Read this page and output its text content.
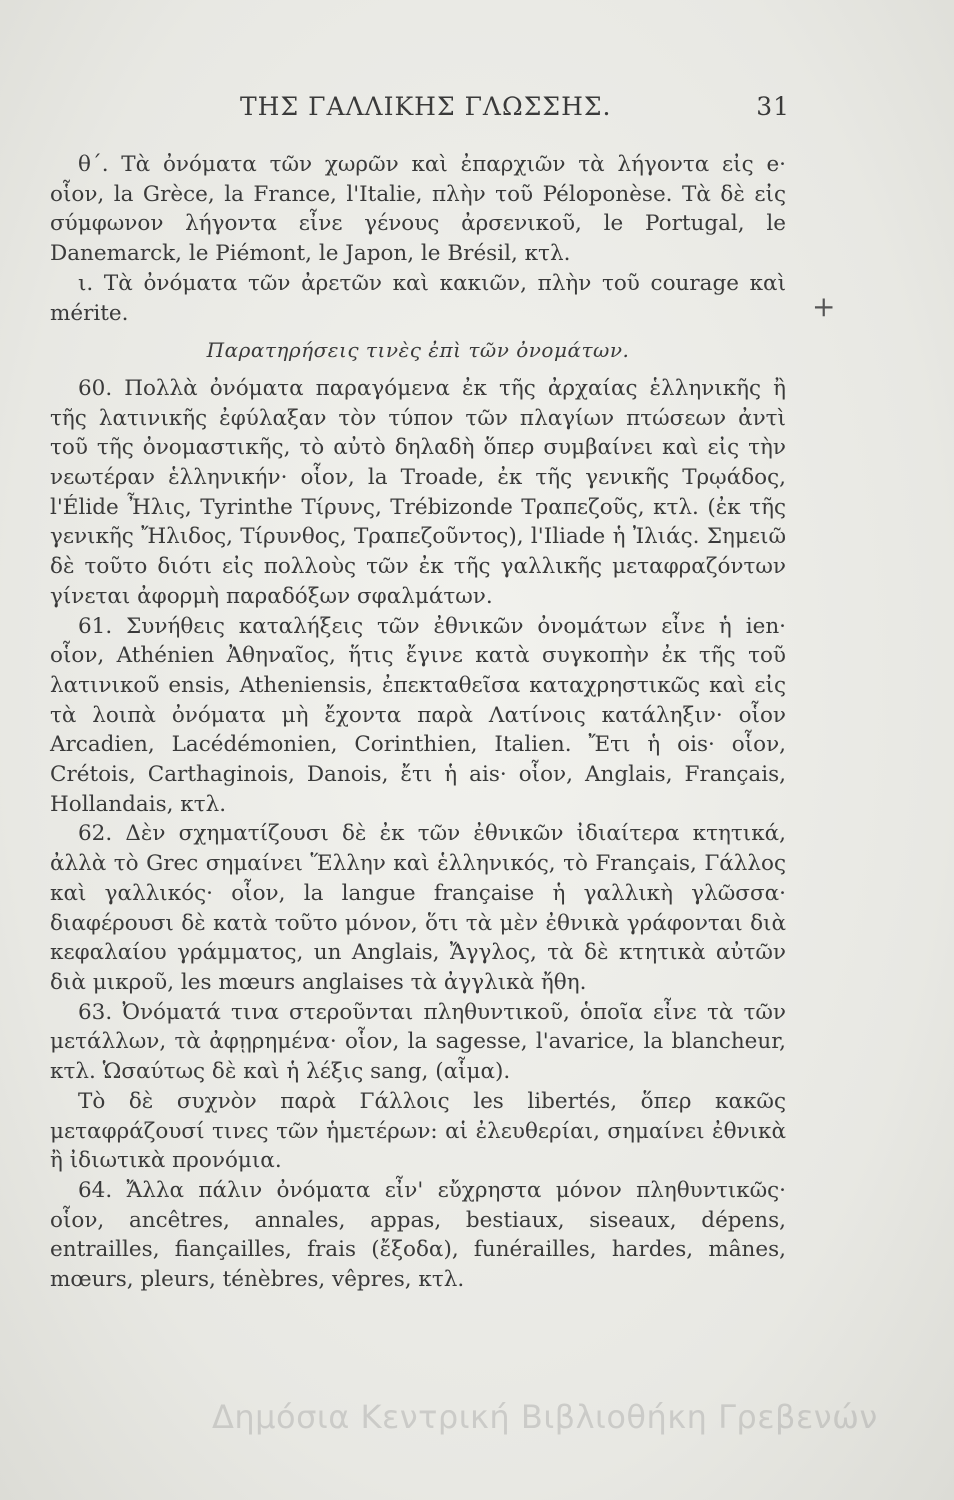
ΤΗΣ ΓΑΛΛΙΚΗΣ ΓΛΩΣΣΗΣ.	31

θ΄. Τὰ ὀνόματα τῶν χωρῶν καὶ ἐπαρχιῶν τὰ λήγοντα εἰς e· οἷον, la Grèce, la France, l'Italie, πλὴν τοῦ Péloponèse. Τὰ δὲ εἰς σύμφωνον λήγοντα εἶνε γένους ἀρσενικοῦ, le Portugal, le Danemarck, le Piémont, le Japon, le Brésil, κτλ.

ι. Τὰ ὀνόματα τῶν ἀρετῶν καὶ κακιῶν, πλὴν τοῦ courage καὶ mérite.

Παρατηρήσεις τινὲς ἐπὶ τῶν ὀνομάτων.

60. Πολλὰ ὀνόματα παραγόμενα ἐκ τῆς ἀρχαίας ἑλληνικῆς ἢ τῆς λατινικῆς ἐφύλαξαν τὸν τύπον τῶν πλαγίων πτώσεων ἀντὶ τοῦ τῆς ὀνομαστικῆς, τὸ αὐτὸ δηλαδὴ ὅπερ συμβαίνει καὶ εἰς τὴν νεωτέραν ἑλληνικήν· οἷον, la Troade, ἐκ τῆς γενικῆς Τρῳάδος, l'Élide Ἦλις, Tyrinthe Τίρυνς, Trébizonde Τραπεζοῦς, κτλ. (ἐκ τῆς γενικῆς Ἤλιδος, Τίρυνθος, Τραπεζοῦντος), l'Iliade ἡ Ἰλιάς. Σημειῶ δὲ τοῦτο διότι εἰς πολλοὺς τῶν ἐκ τῆς γαλλικῆς μεταφραζόντων γίνεται ἀφορμὴ παραδόξων σφαλμάτων.

61. Συνήθεις καταλήξεις τῶν ἐθνικῶν ὀνομάτων εἶνε ἡ ien· οἷον, Athénien Ἀθηναῖος, ἥτις ἔγινε κατὰ συγκοπὴν ἐκ τῆς τοῦ λατινικοῦ ensis, Atheniensis, ἐπεκταθεῖσα καταχρηστικῶς καὶ εἰς τὰ λοιπὰ ὀνόματα μὴ ἔχοντα παρὰ Λατίνοις κατάληξιν· οἷον Arcadien, Lacédémonien, Corinthien, Italien. Ἔτι ἡ ois· οἷον, Crétois, Carthaginois, Danois, ἔτι ἡ ais· οἷον, Anglais, Français, Hollandais, κτλ.

62. Δὲν σχηματίζουσι δὲ ἐκ τῶν ἐθνικῶν ἰδιαίτερα κτητικά, ἀλλὰ τὸ Grec σημαίνει Ἕλλην καὶ ἑλληνικός, τὸ Français, Γάλλος καὶ γαλλικός· οἷον, la langue française ἡ γαλλικὴ γλῶσσα· διαφέρουσι δὲ κατὰ τοῦτο μόνον, ὅτι τὰ μὲν ἐθνικὰ γράφονται διὰ κεφαλαίου γράμματος, un Anglais, Ἄγγλος, τὰ δὲ κτητικὰ αὐτῶν διὰ μικροῦ, les mœurs anglaises τὰ ἀγγλικὰ ἤθη.

63. Ὀνόματά τινα στεροῦνται πληθυντικοῦ, ὁποῖα εἶνε τὰ τῶν μετάλλων, τὰ ἀφῃρημένα· οἷον, la sagesse, l'avarice, la blancheur, κτλ. Ὡσαύτως δὲ καὶ ἡ λέξις sang, (αἷμα).

Τὸ δὲ συχνὸν παρὰ Γάλλοις les libertés, ὅπερ κακῶς μεταφράζουσί τινες τῶν ἡμετέρων: αἱ ἐλευθερίαι, σημαίνει ἐθνικὰ ἢ ἰδιωτικὰ προνόμια.

64. Ἄλλα πάλιν ὀνόματα εἶν' εὔχρηστα μόνον πληθυντικῶς· οἷον, ancêtres, annales, appas, bestiaux, siseaux, dépens, entrailles, fiançailles, frais (ἔξοδα), funérailles, hardes, mânes, mœurs, pleurs, ténèbres, vêpres, κτλ.

+
Δημόσια Κεντρική Βιβλιοθήκη Γρεβενών
